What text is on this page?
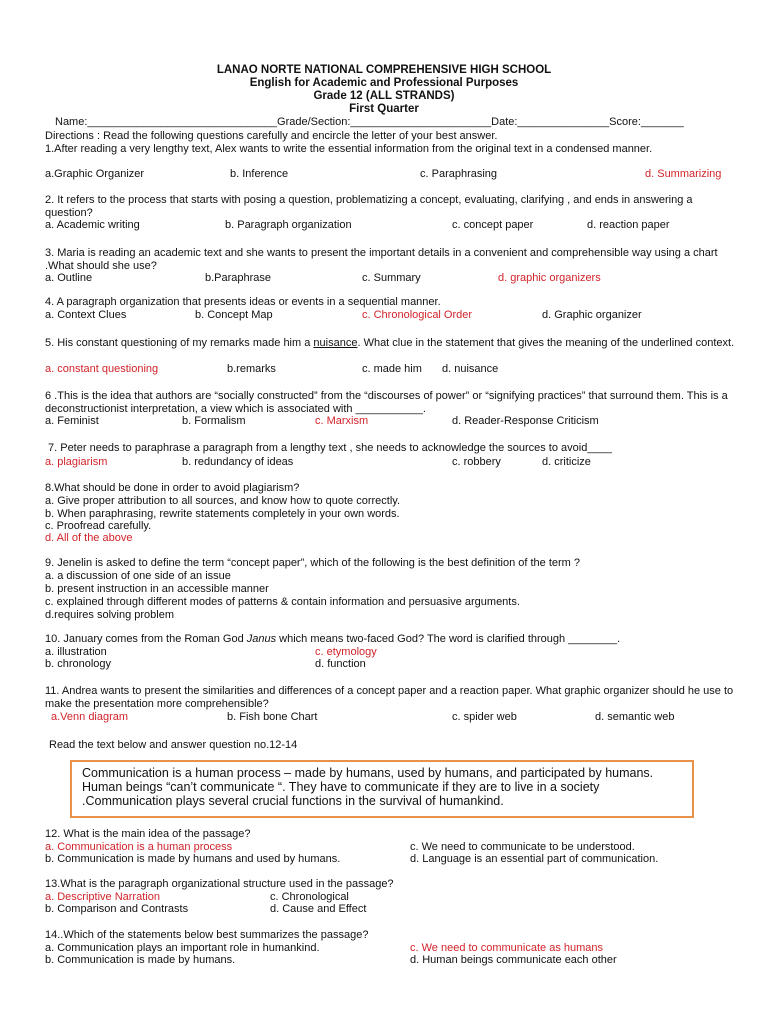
LANAO NORTE NATIONAL COMPREHENSIVE HIGH SCHOOL
English for Academic and Professional Purposes
Grade 12 (ALL STRANDS)
First Quarter
Name:_______________________________Grade/Section:_______________________Date:_______________Score:_______
Directions : Read the following questions carefully and encircle the letter of your best answer.
1.After reading a very lengthy text, Alex wants to write the essential information from the original text in a condensed manner.
a.Graphic Organizer	b. Inference	c. Paraphrasing	d. Summarizing
2. It refers to the process that starts with posing a question, problematizing a concept, evaluating, clarifying , and ends in answering a question?
a. Academic writing	b. Paragraph organization	c. concept paper	d. reaction paper
3. Maria is reading an academic text and she wants to present the important details in a convenient and comprehensible way using a chart .What should she use?
a. Outline	b.Paraphrase	c. Summary	d. graphic organizers
4. A paragraph organization that presents ideas or events in a sequential manner.
a. Context Clues	b. Concept Map	c. Chronological Order	d. Graphic organizer
5. His constant questioning of my remarks made him a nuisance. What clue in the statement that gives the meaning of the underlined context.
a. constant questioning	b.remarks	c. made him d. nuisance
6 .This is the idea that authors are “socially constructed” from the “discourses of power” or “signifying practices” that surround them. This is a deconstructionist interpretation, a view which is associated with ___________.
a. Feminist	b. Formalism	c. Marxism	d. Reader-Response Criticism
7. Peter needs to paraphrase a paragraph from a lengthy text , she needs to acknowledge the sources to avoid____
a. plagiarism	b. redundancy of ideas	c. robbery	d. criticize
8.What should be done in order to avoid plagiarism?
a. Give proper attribution to all sources, and know how to quote correctly.
b. When paraphrasing, rewrite statements completely in your own words.
c. Proofread carefully.
d. All of the above
9. Jenelin is asked to define the term “concept paper”, which of the following is the best definition of the term ?
a. a discussion of one side of an issue
b. present instruction in an accessible manner
c. explained through different modes of patterns & contain information and persuasive arguments.
d.requires solving problem
10. January comes from the Roman God Janus which means two-faced God? The word is clarified through ________.
a. illustration	c. etymology
b. chronology	d. function
11. Andrea wants to present the similarities and differences of a concept paper and a reaction paper. What graphic organizer should he use to make the presentation more comprehensible?
a.Venn diagram	b. Fish bone Chart	c. spider web	d. semantic web
Read the text below and answer question no.12-14
Communication is a human process – made by humans, used by humans, and participated by humans. Human beings “can’t communicate “. They have to communicate if they are to live in a society .Communication plays several crucial functions in the survival of humankind.
12. What is the main idea of the passage?
a. Communication is a human process	c. We need to communicate to be understood.
b. Communication is made by humans and used by humans.	d. Language is an essential part of communication.
13.What is the paragraph organizational structure used in the passage?
a. Descriptive Narration	c. Chronological
b. Comparison and Contrasts	d. Cause and Effect
14..Which of the statements below best summarizes the passage?
a. Communication plays an important role in humankind.	c. We need to communicate as humans
b. Communication is made by humans.	d. Human beings communicate each other
